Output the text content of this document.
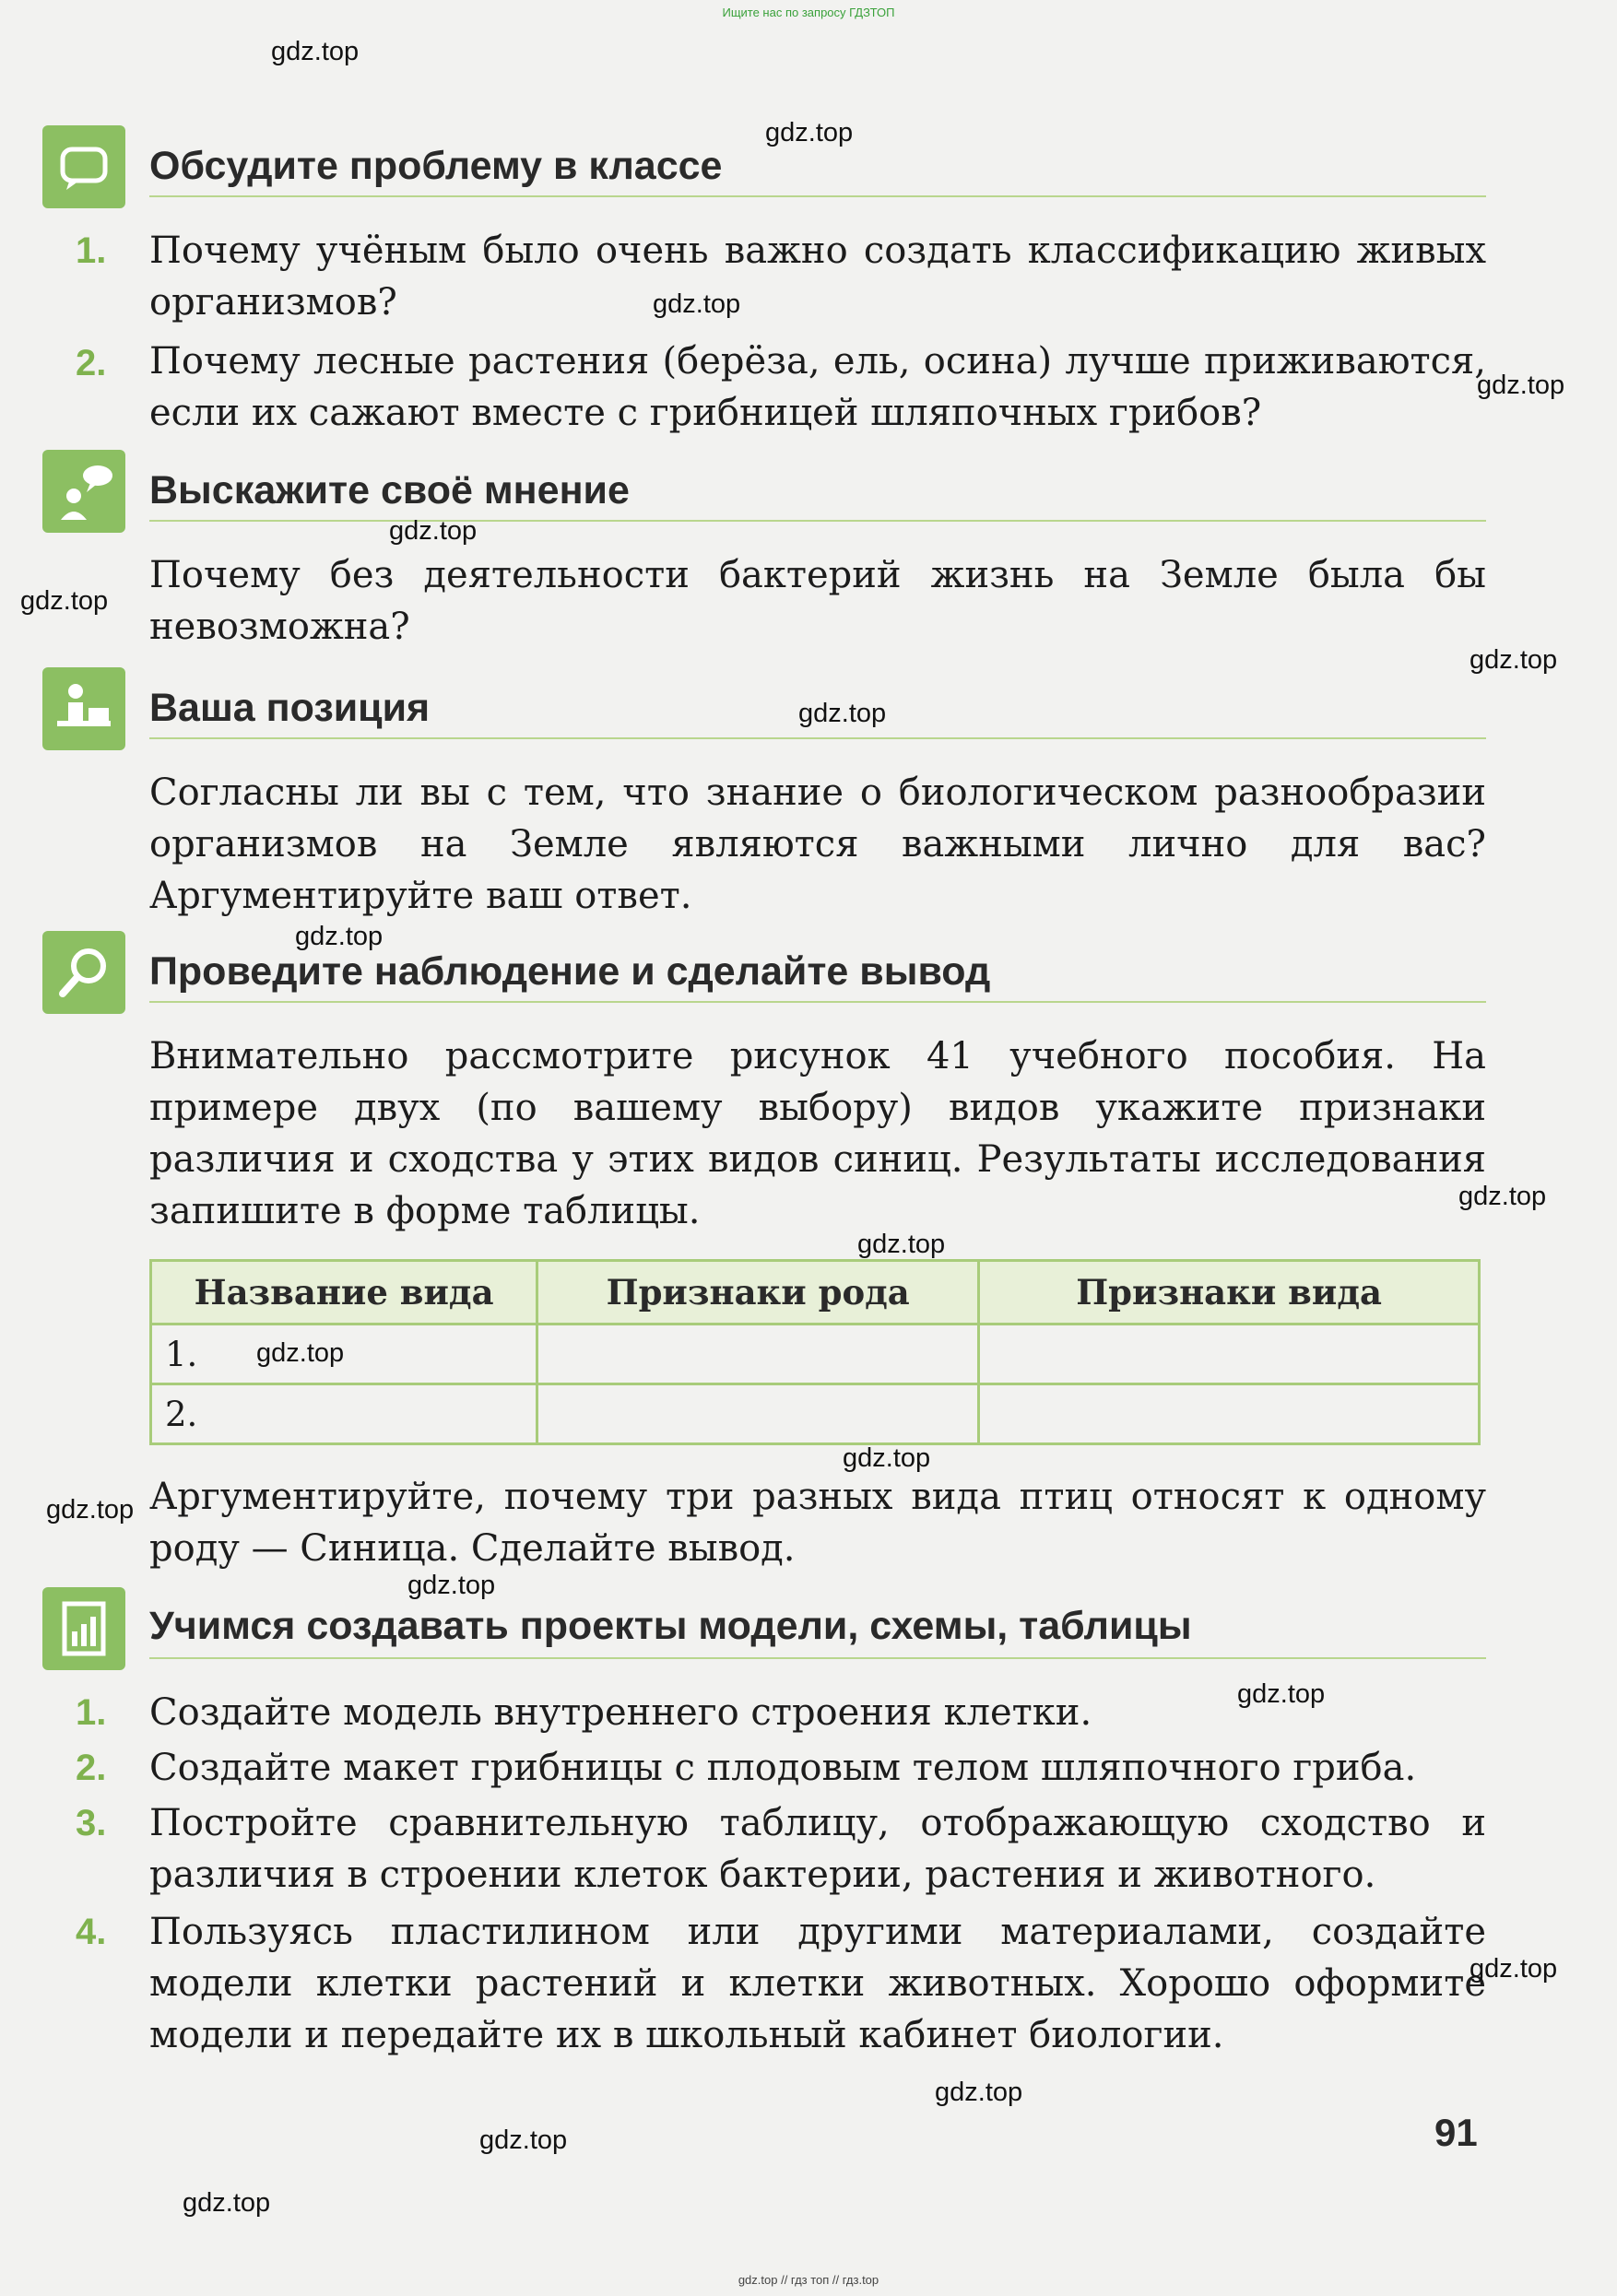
Ищите нас по запросу ГДЗТОП
Обсудите проблему в классе
1. Почему учёным было очень важно создать классификацию живых организмов?
2. Почему лесные растения (берёза, ель, осина) лучше приживаются, если их сажают вместе с грибницей шляпочных грибов?
Выскажите своё мнение
Почему без деятельности бактерий жизнь на Земле была бы невозможна?
Ваша позиция
Согласны ли вы с тем, что знание о биологическом разнообразии организмов на Земле являются важными лично для вас? Аргументируйте ваш ответ.
Проведите наблюдение и сделайте вывод
Внимательно рассмотрите рисунок 41 учебного пособия. На примере двух (по вашему выбору) видов укажите признаки различия и сходства у этих видов синиц. Результаты исследования запишите в форме таблицы.
Название вида	Признаки рода	Признаки вида
1.		
2.		
Аргументируйте, почему три разных вида птиц относят к одному роду — Синица. Сделайте вывод.
Учимся создавать проекты модели, схемы, таблицы
1. Создайте модель внутреннего строения клетки.
2. Создайте макет грибницы с плодовым телом шляпочного гриба.
3. Постройте сравнительную таблицу, отображающую сходство и различия в строении клеток бактерии, растения и животного.
4. Пользуясь пластилином или другими материалами, создайте модели клетки растений и клетки животных. Хорошо оформите модели и передайте их в школьный кабинет биологии.
91
gdz.top
gdz.top
gdz.top
gdz.top
gdz.top
gdz.top
gdz.top
gdz.top
gdz.top
gdz.top
gdz.top
gdz.top
gdz.top
gdz.top
gdz.top
gdz.top
gdz.top
gdz.top
gdz.top
gdz.top
gdz.top // гдз топ // гдз.top
